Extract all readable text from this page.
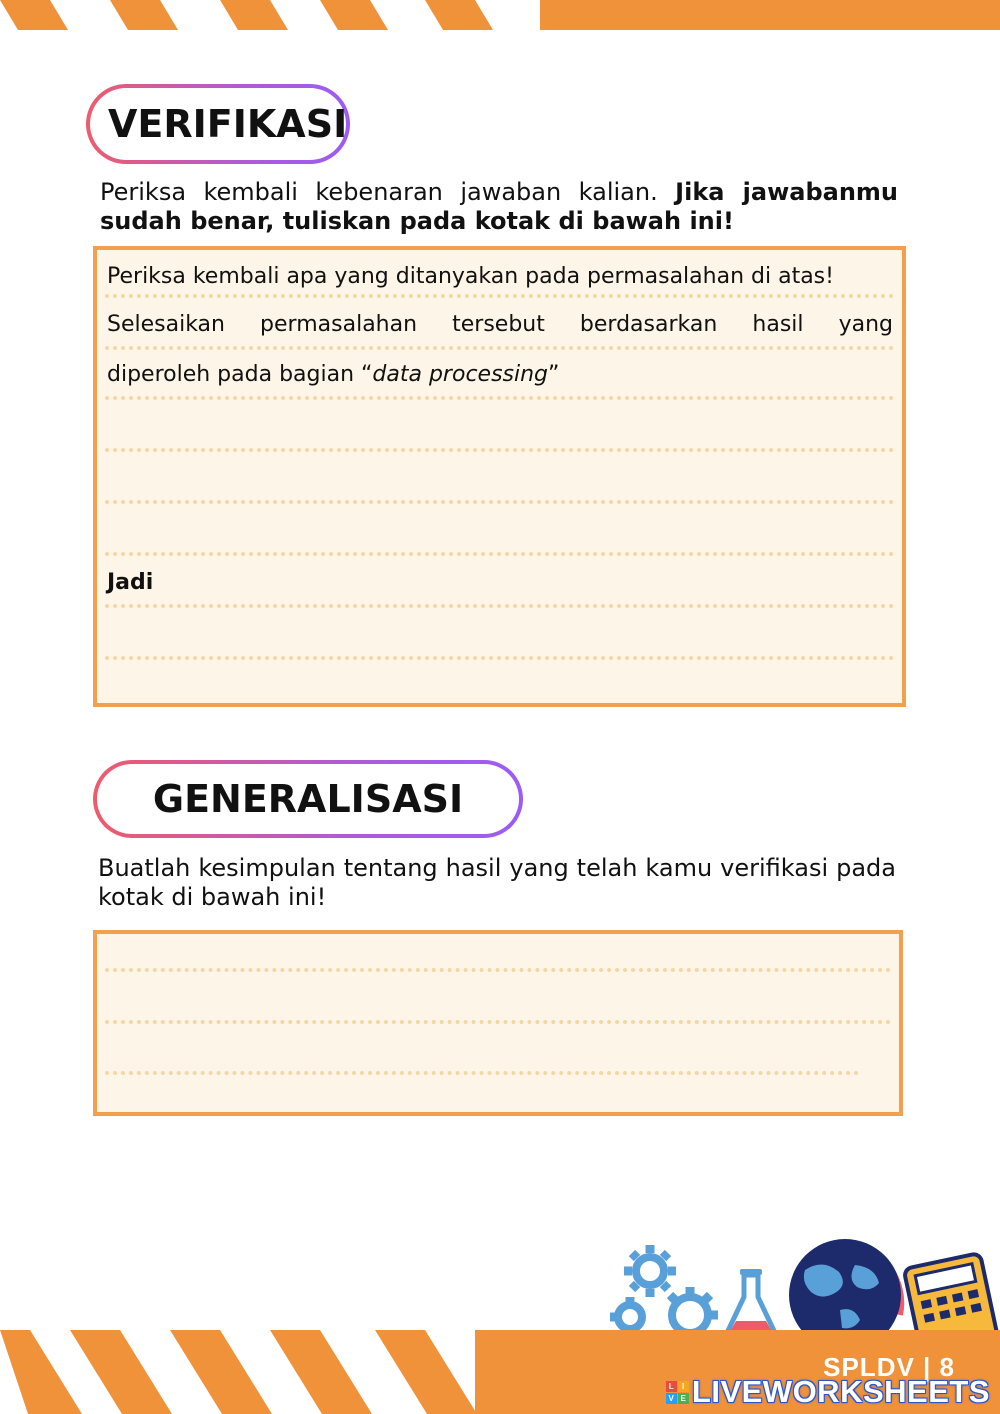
VERIFIKASI
Periksa kembali kebenaran jawaban kalian. Jika jawabanmu sudah benar, tuliskan pada kotak di bawah ini!
Periksa kembali apa yang ditanyakan pada permasalahan di atas!
Selesaikan permasalahan tersebut berdasarkan hasil yang
diperoleh pada bagian “data processing”
Jadi
GENERALISASI
Buatlah kesimpulan tentang hasil yang telah kamu verifikasi pada kotak di bawah ini!
SPLDV | 8
L I
V E LIVEWORKSHEETS
